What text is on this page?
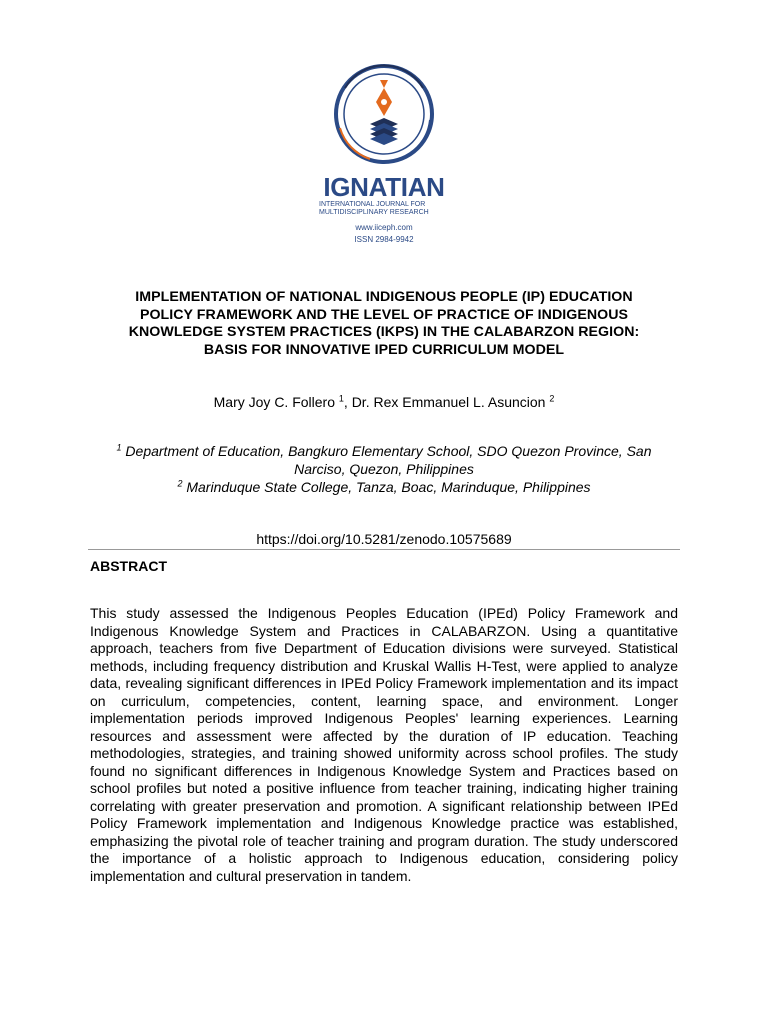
IGNATIAN
INTERNATIONAL JOURNAL FOR
MULTIDISCIPLINARY RESEARCH
www.iiceph.com
ISSN 2984-9942
IMPLEMENTATION OF NATIONAL INDIGENOUS PEOPLE (IP) EDUCATION
POLICY FRAMEWORK AND THE LEVEL OF PRACTICE OF INDIGENOUS
KNOWLEDGE SYSTEM PRACTICES (IKPS) IN THE CALABARZON REGION:
BASIS FOR INNOVATIVE IPED CURRICULUM MODEL
Mary Joy C. Follero $^1$, Dr. Rex Emmanuel L. Asuncion $^2$
$^1$ Department of Education, Bangkuro Elementary School, SDO Quezon Province, San Narciso, Quezon, Philippines
$^2$ Marinduque State College, Tanza, Boac, Marinduque, Philippines
https://doi.org/10.5281/zenodo.10575689
ABSTRACT
This study assessed the Indigenous Peoples Education (IPEd) Policy Framework and Indigenous Knowledge System and Practices in CALABARZON. Using a quantitative approach, teachers from five Department of Education divisions were surveyed. Statistical methods, including frequency distribution and Kruskal Wallis H-Test, were applied to analyze data, revealing significant differences in IPEd Policy Framework implementation and its impact on curriculum, competencies, content, learning space, and environment. Longer implementation periods improved Indigenous Peoples' learning experiences. Learning resources and assessment were affected by the duration of IP education. Teaching methodologies, strategies, and training showed uniformity across school profiles. The study found no significant differences in Indigenous Knowledge System and Practices based on school profiles but noted a positive influence from teacher training, indicating higher training correlating with greater preservation and promotion. A significant relationship between IPEd Policy Framework implementation and Indigenous Knowledge practice was established, emphasizing the pivotal role of teacher training and program duration. The study underscored the importance of a holistic approach to Indigenous education, considering policy implementation and cultural preservation in tandem.
